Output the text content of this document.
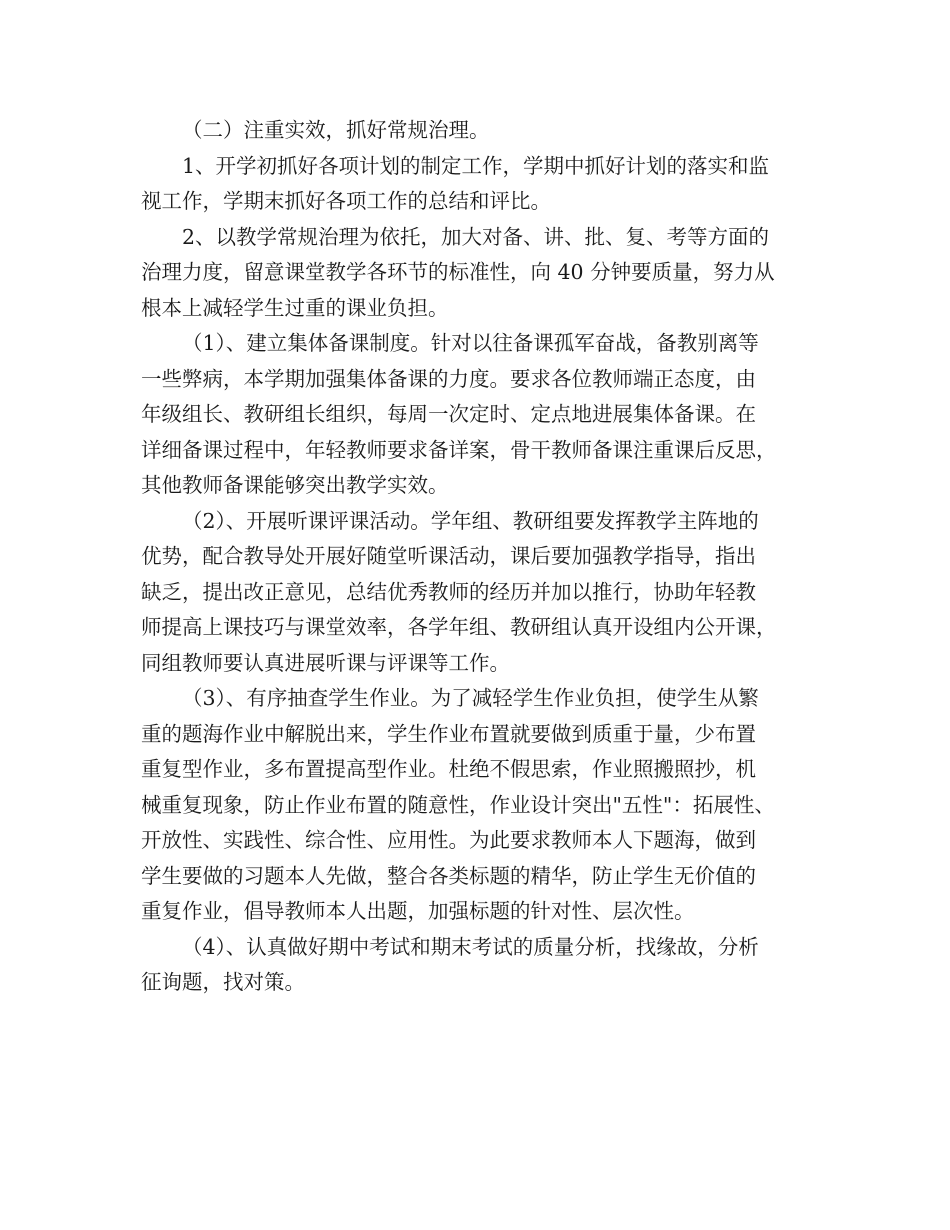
（二）注重实效，抓好常规治理。

1、开学初抓好各项计划的制定工作，学期中抓好计划的落实和监
视工作，学期末抓好各项工作的总结和评比。

2、以教学常规治理为依托，加大对备、讲、批、复、考等方面的
治理力度，留意课堂教学各环节的标准性，向 40 分钟要质量，努力从
根本上减轻学生过重的课业负担。

（1）、建立集体备课制度。针对以往备课孤军奋战，备教别离等
一些弊病，本学期加强集体备课的力度。要求各位教师端正态度，由
年级组长、教研组长组织，每周一次定时、定点地进展集体备课。在
详细备课过程中，年轻教师要求备详案，骨干教师备课注重课后反思，
其他教师备课能够突出教学实效。

（2）、开展听课评课活动。学年组、教研组要发挥教学主阵地的
优势，配合教导处开展好随堂听课活动，课后要加强教学指导，指出
缺乏，提出改正意见，总结优秀教师的经历并加以推行，协助年轻教
师提高上课技巧与课堂效率，各学年组、教研组认真开设组内公开课，
同组教师要认真进展听课与评课等工作。

（3）、有序抽查学生作业。为了减轻学生作业负担，使学生从繁
重的题海作业中解脱出来，学生作业布置就要做到质重于量，少布置
重复型作业，多布置提高型作业。杜绝不假思索，作业照搬照抄，机
械重复现象，防止作业布置的随意性，作业设计突出"五性"：拓展性、
开放性、实践性、综合性、应用性。为此要求教师本人下题海，做到
学生要做的习题本人先做，整合各类标题的精华，防止学生无价值的
重复作业，倡导教师本人出题，加强标题的针对性、层次性。

（4）、认真做好期中考试和期末考试的质量分析，找缘故，分析
征询题，找对策。
